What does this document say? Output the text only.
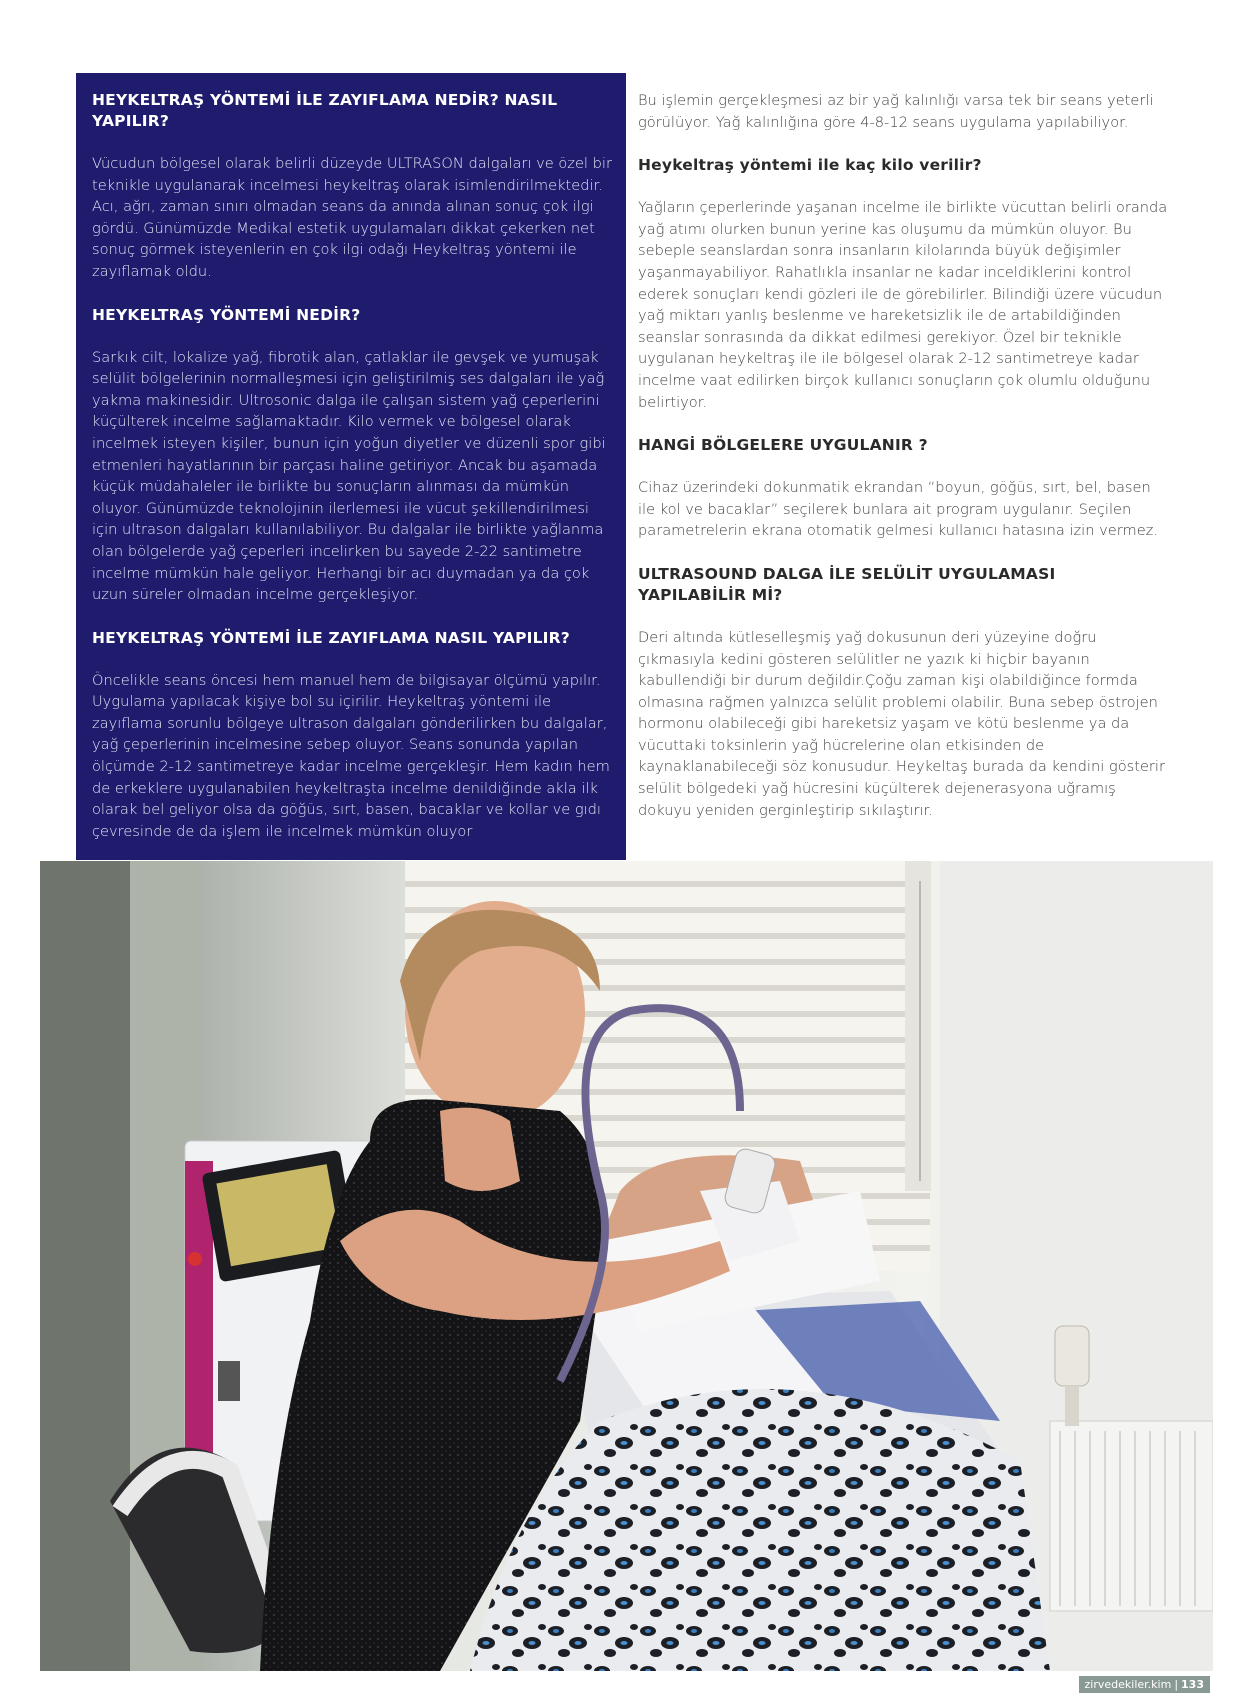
HEYKELTRAŞ YÖNTEMİ İLE ZAYIFLAMA NEDİR? NASIL YAPILIR?

Vücudun bölgesel olarak belirli düzeyde ULTRASON dalgaları ve özel bir teknikle uygulanarak incelmesi heykeltraş olarak isimlendirilmektedir. Acı, ağrı, zaman sınırı olmadan seans da anında alınan sonuç çok ilgi gördü. Günümüzde Medikal estetik uygulamaları dikkat çekerken net sonuç görmek isteyenlerin en çok ilgi odağı Heykeltraş yöntemi ile zayıflamak oldu.

HEYKELTRAŞ YÖNTEMİ NEDİR?

Sarkık cilt, lokalize yağ, fibrotik alan, çatlaklar ile gevşek ve yumuşak selülit bölgelerinin normalleşmesi için geliştirilmiş ses dalgaları ile yağ yakma makinesidir. Ultrosonic dalga ile çalışan sistem yağ çeperlerini küçülterek incelme sağlamaktadır. Kilo vermek ve bölgesel olarak incelmek isteyen kişiler, bunun için yoğun diyetler ve düzenli spor gibi etmenleri hayatlarının bir parçası haline getiriyor. Ancak bu aşamada küçük müdahaleler ile birlikte bu sonuçların alınması da mümkün oluyor. Günümüzde teknolojinin ilerlemesi ile vücut şekillendirilmesi için ultrason dalgaları kullanılabiliyor. Bu dalgalar ile birlikte yağlanma olan bölgelerde yağ çeperleri incelirken bu sayede 2-22 santimetre incelme mümkün hale geliyor. Herhangi bir acı duymadan ya da çok uzun süreler olmadan incelme gerçekleşiyor.

HEYKELTRAŞ YÖNTEMİ İLE ZAYIFLAMA NASIL YAPILIR?

Öncelikle seans öncesi hem manuel hem de bilgisayar ölçümü yapılır. Uygulama yapılacak kişiye bol su içirilir. Heykeltraş yöntemi ile zayıflama sorunlu bölgeye ultrason dalgaları gönderilirken bu dalgalar, yağ çeperlerinin incelmesine sebep oluyor. Seans sonunda yapılan ölçümde 2-12 santimetreye kadar incelme gerçekleşir. Hem kadın hem de erkeklere uygulanabilen heykeltraşta incelme denildiğinde akla ilk olarak bel geliyor olsa da göğüs, sırt, basen, bacaklar ve kollar ve gıdı çevresinde de da işlem ile incelmek mümkün oluyor

Bu işlemin gerçekleşmesi az bir yağ kalınlığı varsa tek bir seans yeterli görülüyor. Yağ kalınlığına göre 4-8-12 seans uygulama yapılabiliyor.

Heykeltraş yöntemi ile kaç kilo verilir?

Yağların çeperlerinde yaşanan incelme ile birlikte vücuttan belirli oranda yağ atımı olurken bunun yerine kas oluşumu da mümkün oluyor. Bu sebeple seanslardan sonra insanların kilolarında büyük değişimler yaşanmayabiliyor. Rahatlıkla insanlar ne kadar inceldiklerini kontrol ederek sonuçları kendi gözleri ile de görebilirler. Bilindiği üzere vücudun yağ miktarı yanlış beslenme ve hareketsizlik ile de artabildiğinden seanslar sonrasında da dikkat edilmesi gerekiyor. Özel bir teknikle uygulanan heykeltraş ile ile bölgesel olarak 2-12 santimetreye kadar incelme vaat edilirken birçok kullanıcı sonuçların çok olumlu olduğunu belirtiyor.

HANGİ BÖLGELERE UYGULANIR ?

Cihaz üzerindeki dokunmatik ekrandan “boyun, göğüs, sırt, bel, basen ile kol ve bacaklar” seçilerek bunlara ait program uygulanır. Seçilen parametrelerin ekrana otomatik gelmesi kullanıcı hatasına izin vermez.

ULTRASOUND DALGA İLE SELÜLİT UYGULAMASI YAPILABİLİR Mİ?

Deri altında kütleselleşmiş yağ dokusunun deri yüzeyine doğru çıkmasıyla kedini gösteren selülitler ne yazık ki hiçbir bayanın kabullendiği bir durum değildir.Çoğu zaman kişi olabildiğince formda olmasına rağmen yalnızca selülit problemi olabilir. Buna sebep östrojen hormonu olabileceği gibi hareketsiz yaşam ve kötü beslenme ya da vücuttaki toksinlerin yağ hücrelerine olan etkisinden de kaynaklanabileceği söz konusudur. Heykeltaş burada da kendini gösterir selülit bölgedeki yağ hücresini küçülterek dejenerasyona uğramış dokuyu yeniden gerginleştirip sıkılaştırır.

zirvedekiler.kim | 133
